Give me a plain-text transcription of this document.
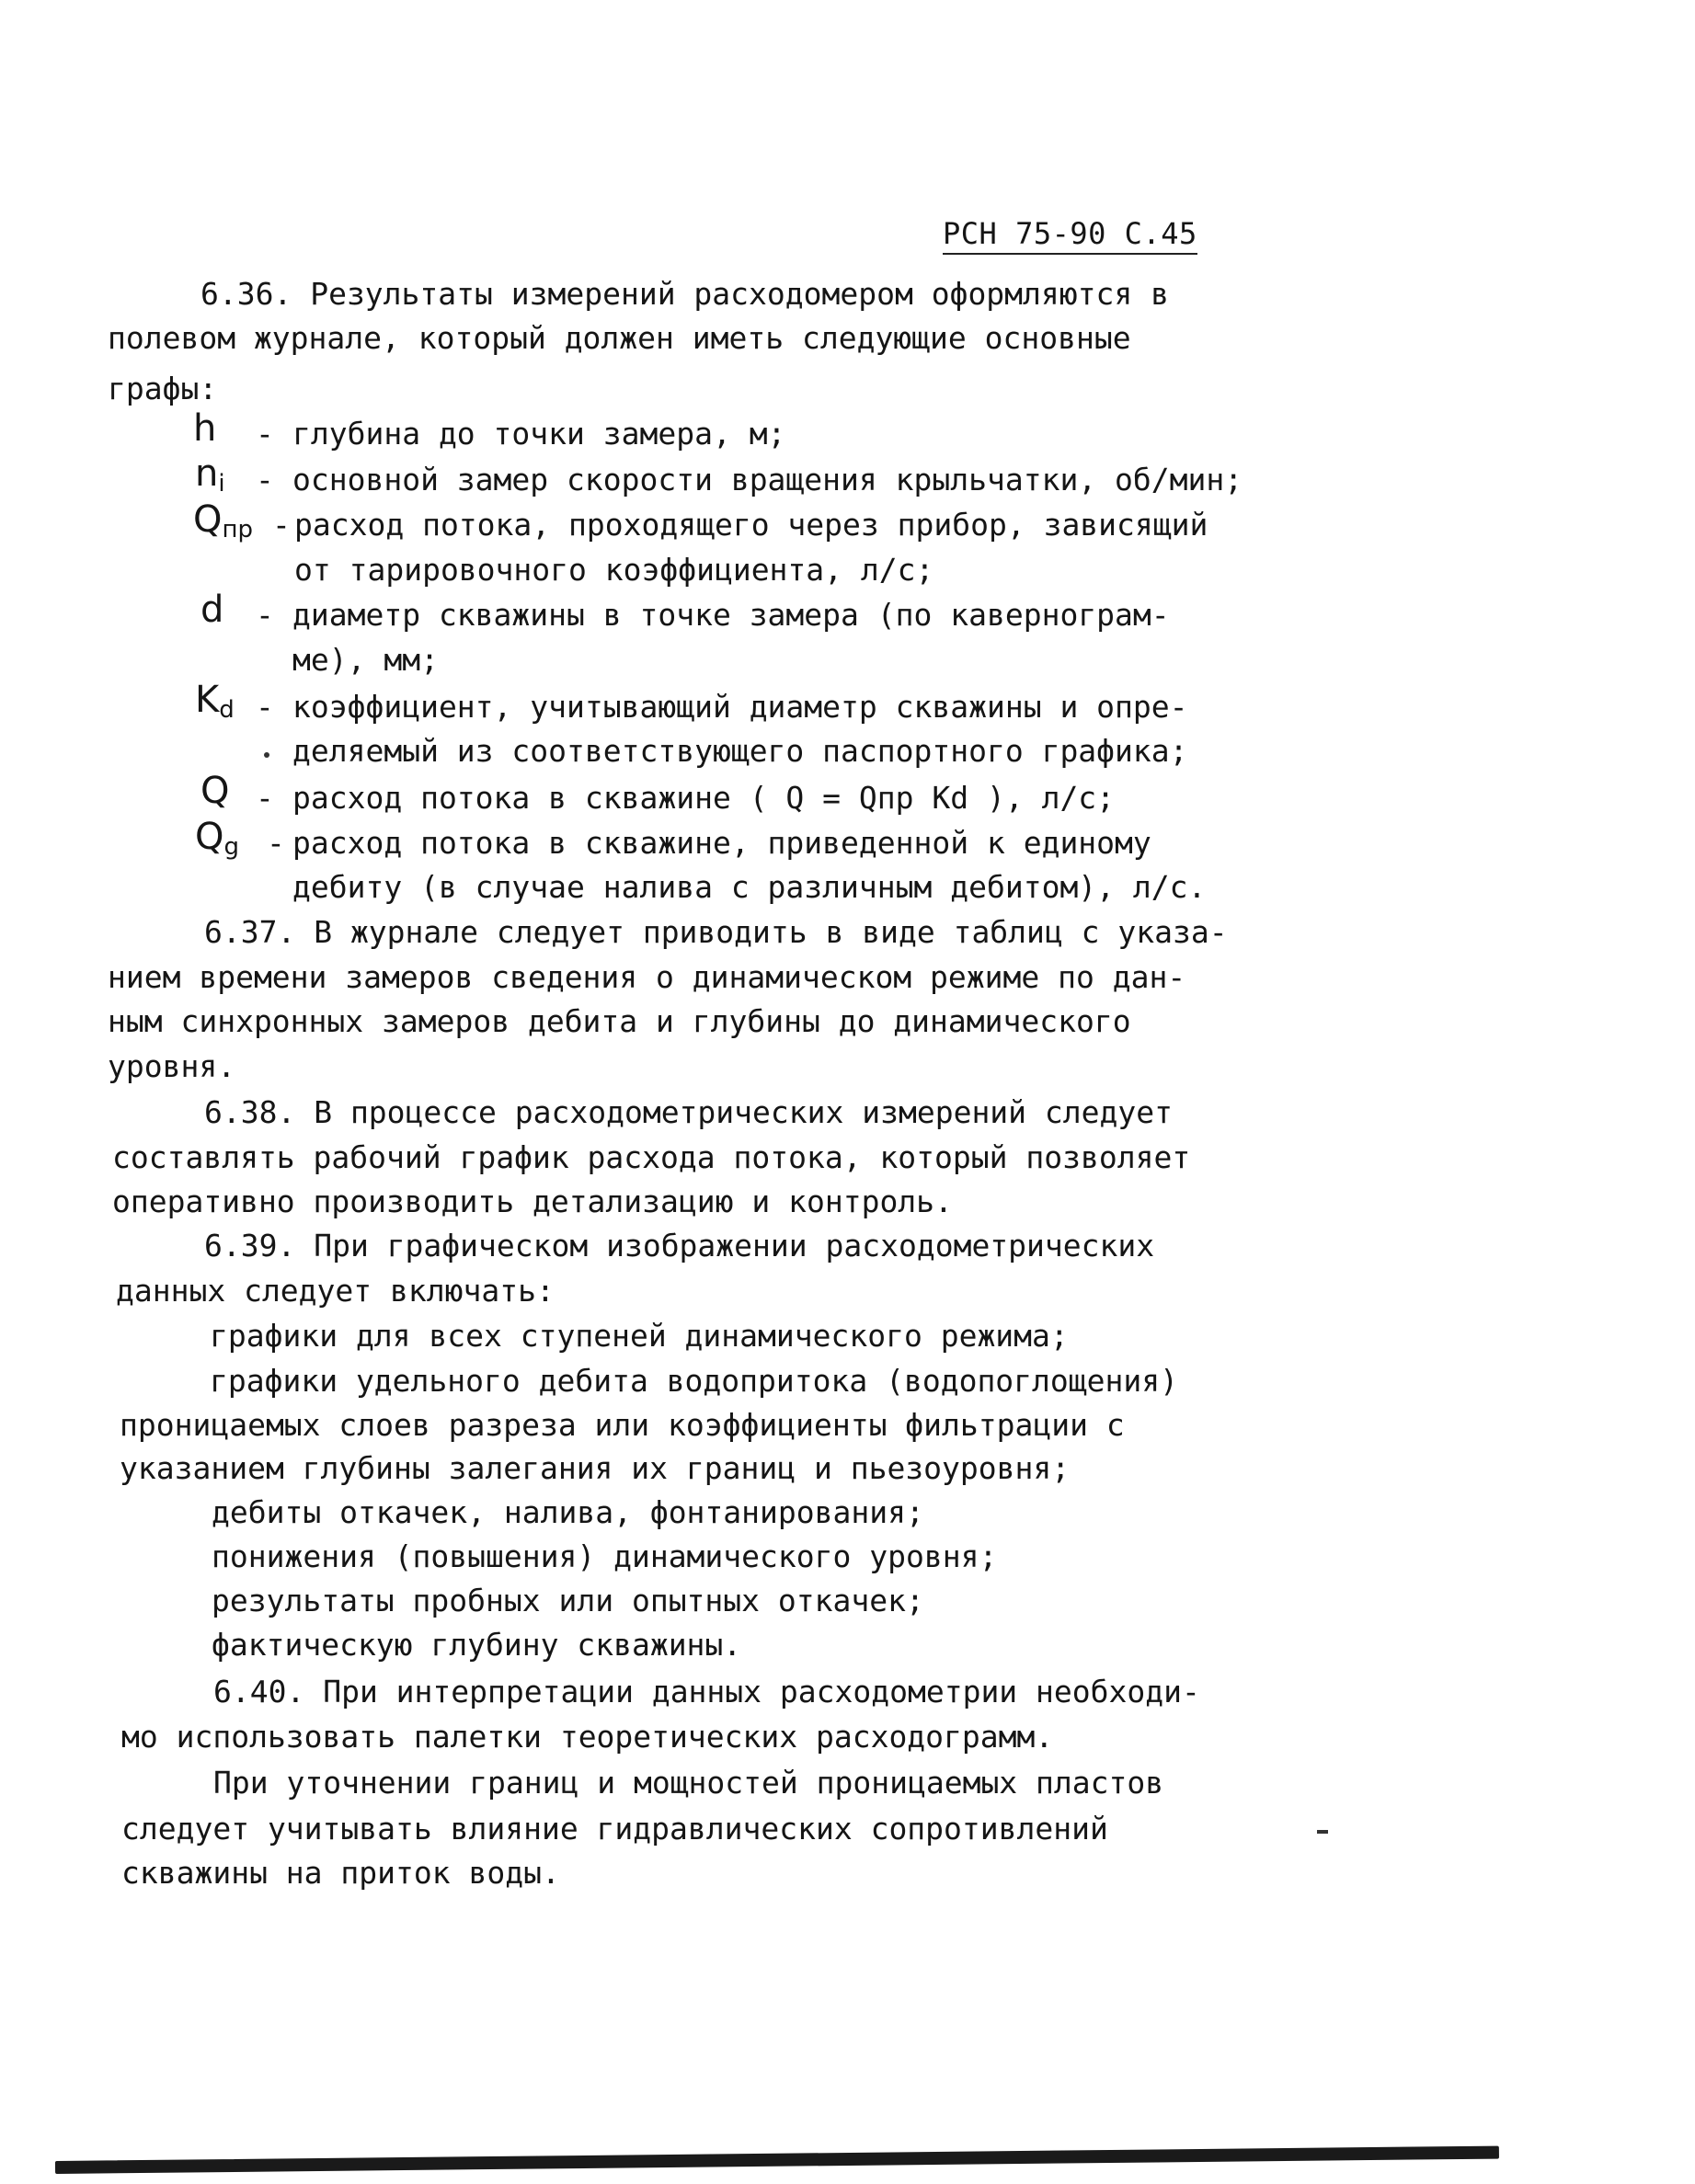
РСН 75-90 С.45
6.36. Результаты измерений расходомером оформляются в
полевом журнале, который должен иметь следующие основные
графы:
h - глубина до точки замера, м;
$n_i$ - основной замер скорости вращения крыльчатки, об/мин;
$Q_{пр}$ - расход потока, проходящего через прибор, зависящий
от тарировочного коэффициента, л/с;
d - диаметр скважины в точке замера (по каверногрaм-
ме), мм;
$K_d$ - коэффициент, учитывающий диаметр скважины и опре-
деляемый из соответствующего паспортного графика;
Q - расход потока в скважине ( Q = Qпр Kd ), л/с;
$Q_g$ - расход потока в скважине, приведенной к единому
дебиту (в случае налива с различным дебитом), л/с.
6.37. В журнале следует приводить в виде таблиц с указа-
нием времени замеров сведения о динамическом режиме по дан-
ным синхронных замеров дебита и глубины до динамического
уровня.
6.38. В процессе расходометрических измерений следует
составлять рабочий график расхода потока, который позволяет
оперативно производить детализацию и контроль.
6.39. При графическом изображении расходометрических
данных следует включать:
графики для всех ступеней динамического режима;
графики удельного дебита водопритока (водопоглощения)
проницаемых слоев разреза или коэффициенты фильтрации с
указанием глубины залегания их границ и пьезоуровня;
дебиты откачек, налива, фонтанирования;
понижения (повышения) динамического уровня;
результаты пробных или опытных откачек;
фактическую глубину скважины.
6.40. При интерпретации данных расходометрии необходи-
мо использовать палетки теоретических расходограмм.
При уточнении границ и мощностей проницаемых пластов
следует учитывать влияние гидравлических сопротивлений
скважины на приток воды.
